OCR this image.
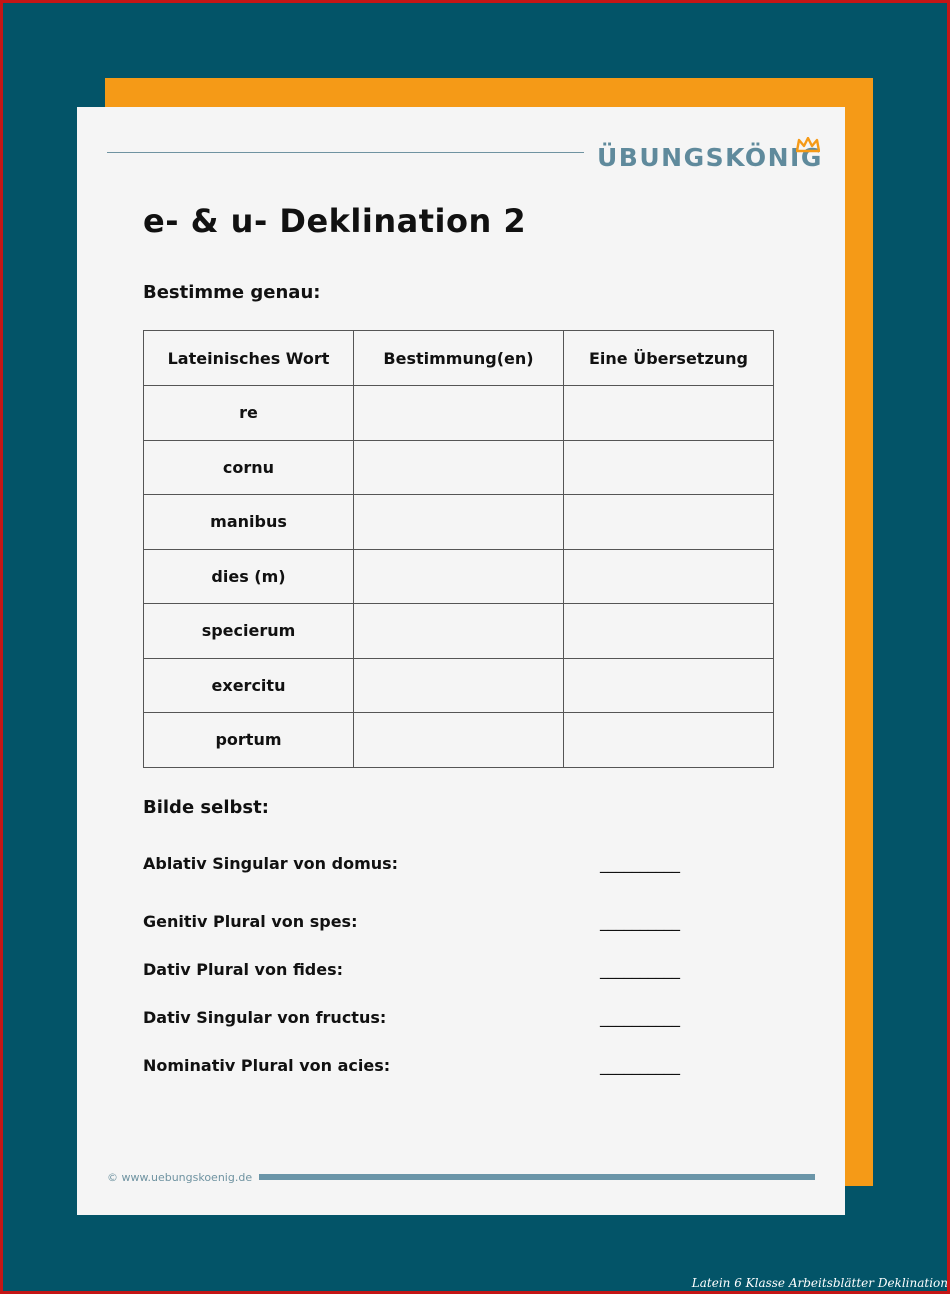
ÜBUNGSKÖNIG
e- & u- Deklination 2
Bestimme genau:
Lateinisches Wort	Bestimmung(en)	Eine Übersetzung
re		
cornu		
manibus		
dies (m)		
specierum		
exercitu		
portum		
Bilde selbst:
Ablativ Singular von domus:	__________
Genitiv Plural von spes:	__________
Dativ Plural von fides:	__________
Dativ Singular von fructus:	__________
Nominativ Plural von acies:	__________
© www.uebungskoenig.de
Latein 6 Klasse Arbeitsblätter Deklination
